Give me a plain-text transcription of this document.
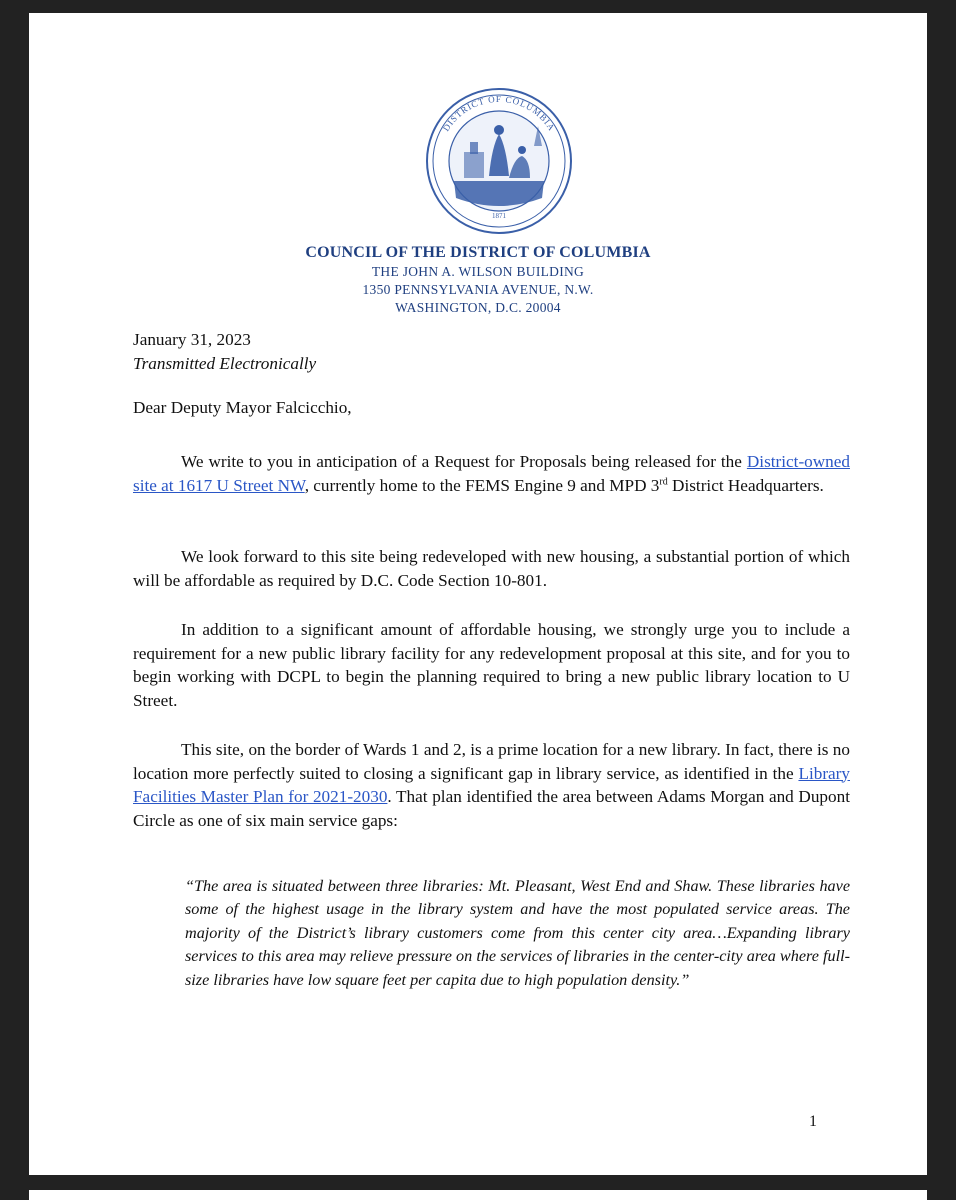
1871
DISTRICT OF COLUMBIA
COUNCIL OF THE DISTRICT OF COLUMBIA
THE JOHN A. WILSON BUILDING
1350 PENNSYLVANIA AVENUE, N.W.
WASHINGTON, D.C. 20004
January 31, 2023
Transmitted Electronically
Dear Deputy Mayor Falcicchio,
We write to you in anticipation of a Request for Proposals being released for the District-owned site at 1617 U Street NW, currently home to the FEMS Engine 9 and MPD 3rd District Headquarters.
We look forward to this site being redeveloped with new housing, a substantial portion of which will be affordable as required by D.C. Code Section 10-801.
In addition to a significant amount of affordable housing, we strongly urge you to include a requirement for a new public library facility for any redevelopment proposal at this site, and for you to begin working with DCPL to begin the planning required to bring a new public library location to U Street.
This site, on the border of Wards 1 and 2, is a prime location for a new library. In fact, there is no location more perfectly suited to closing a significant gap in library service, as identified in the Library Facilities Master Plan for 2021-2030. That plan identified the area between Adams Morgan and Dupont Circle as one of six main service gaps:
“The area is situated between three libraries: Mt. Pleasant, West End and Shaw. These libraries have some of the highest usage in the library system and have the most populated service areas. The majority of the District’s library customers come from this center city area…Expanding library services to this area may relieve pressure on the services of libraries in the center-city area where full-size libraries have low square feet per capita due to high population density.”
1
